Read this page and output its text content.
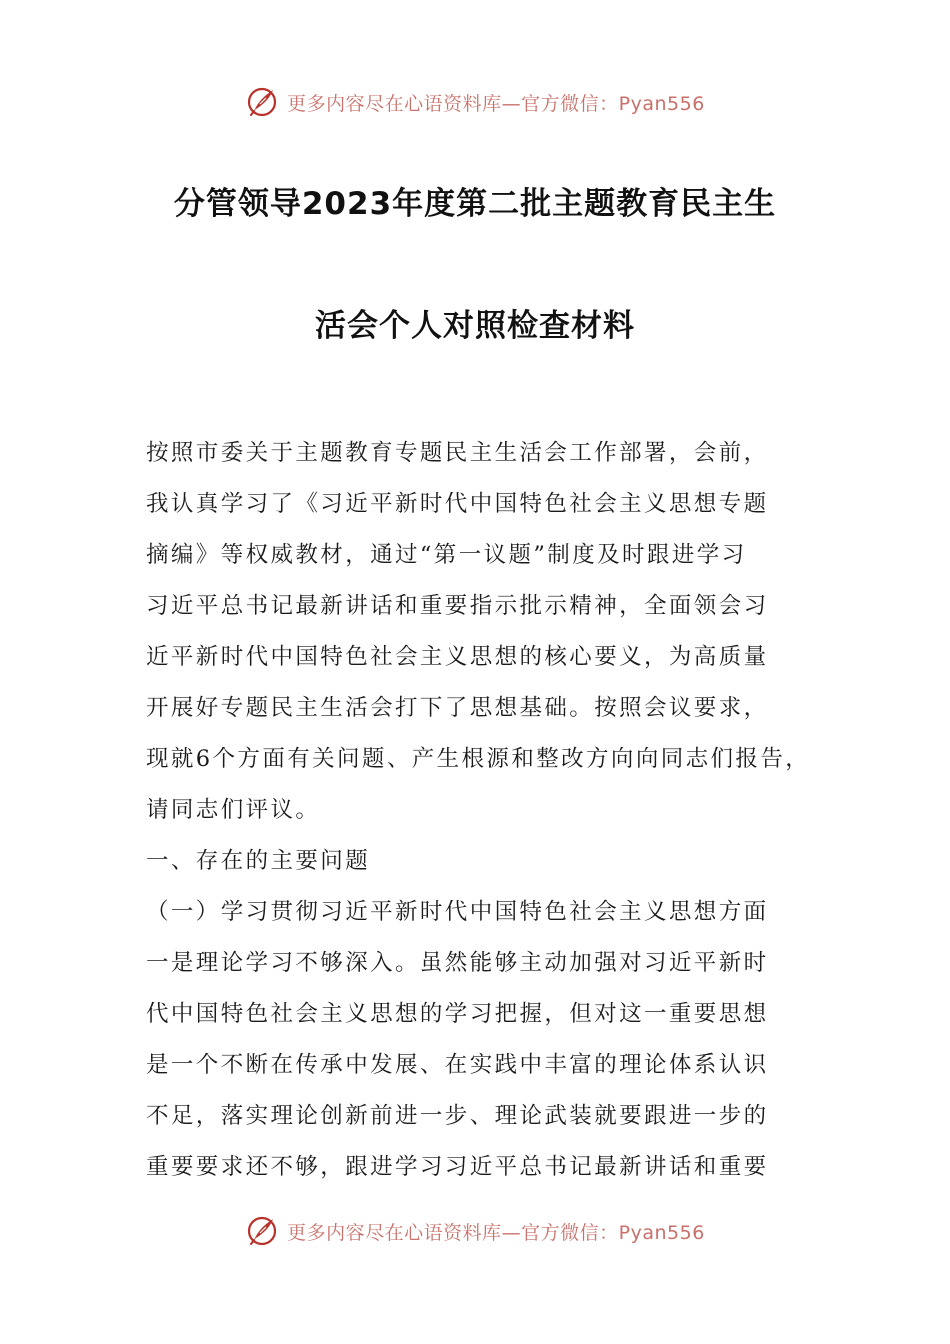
更多内容尽在心语资料库—官方微信：Pyan556
分管领导2023年度第二批主题教育民主生
活会个人对照检查材料
按照市委关于主题教育专题民主生活会工作部署，会前，
我认真学习了《习近平新时代中国特色社会主义思想专题
摘编》等权威教材，通过“第一议题”制度及时跟进学习
习近平总书记最新讲话和重要指示批示精神，全面领会习
近平新时代中国特色社会主义思想的核心要义，为高质量
开展好专题民主生活会打下了思想基础。按照会议要求，
现就6个方面有关问题、产生根源和整改方向向同志们报告，
请同志们评议。
一、存在的主要问题
（一）学习贯彻习近平新时代中国特色社会主义思想方面
一是理论学习不够深入。虽然能够主动加强对习近平新时
代中国特色社会主义思想的学习把握，但对这一重要思想
是一个不断在传承中发展、在实践中丰富的理论体系认识
不足，落实理论创新前进一步、理论武装就要跟进一步的
重要要求还不够，跟进学习习近平总书记最新讲话和重要
更多内容尽在心语资料库—官方微信：Pyan556
